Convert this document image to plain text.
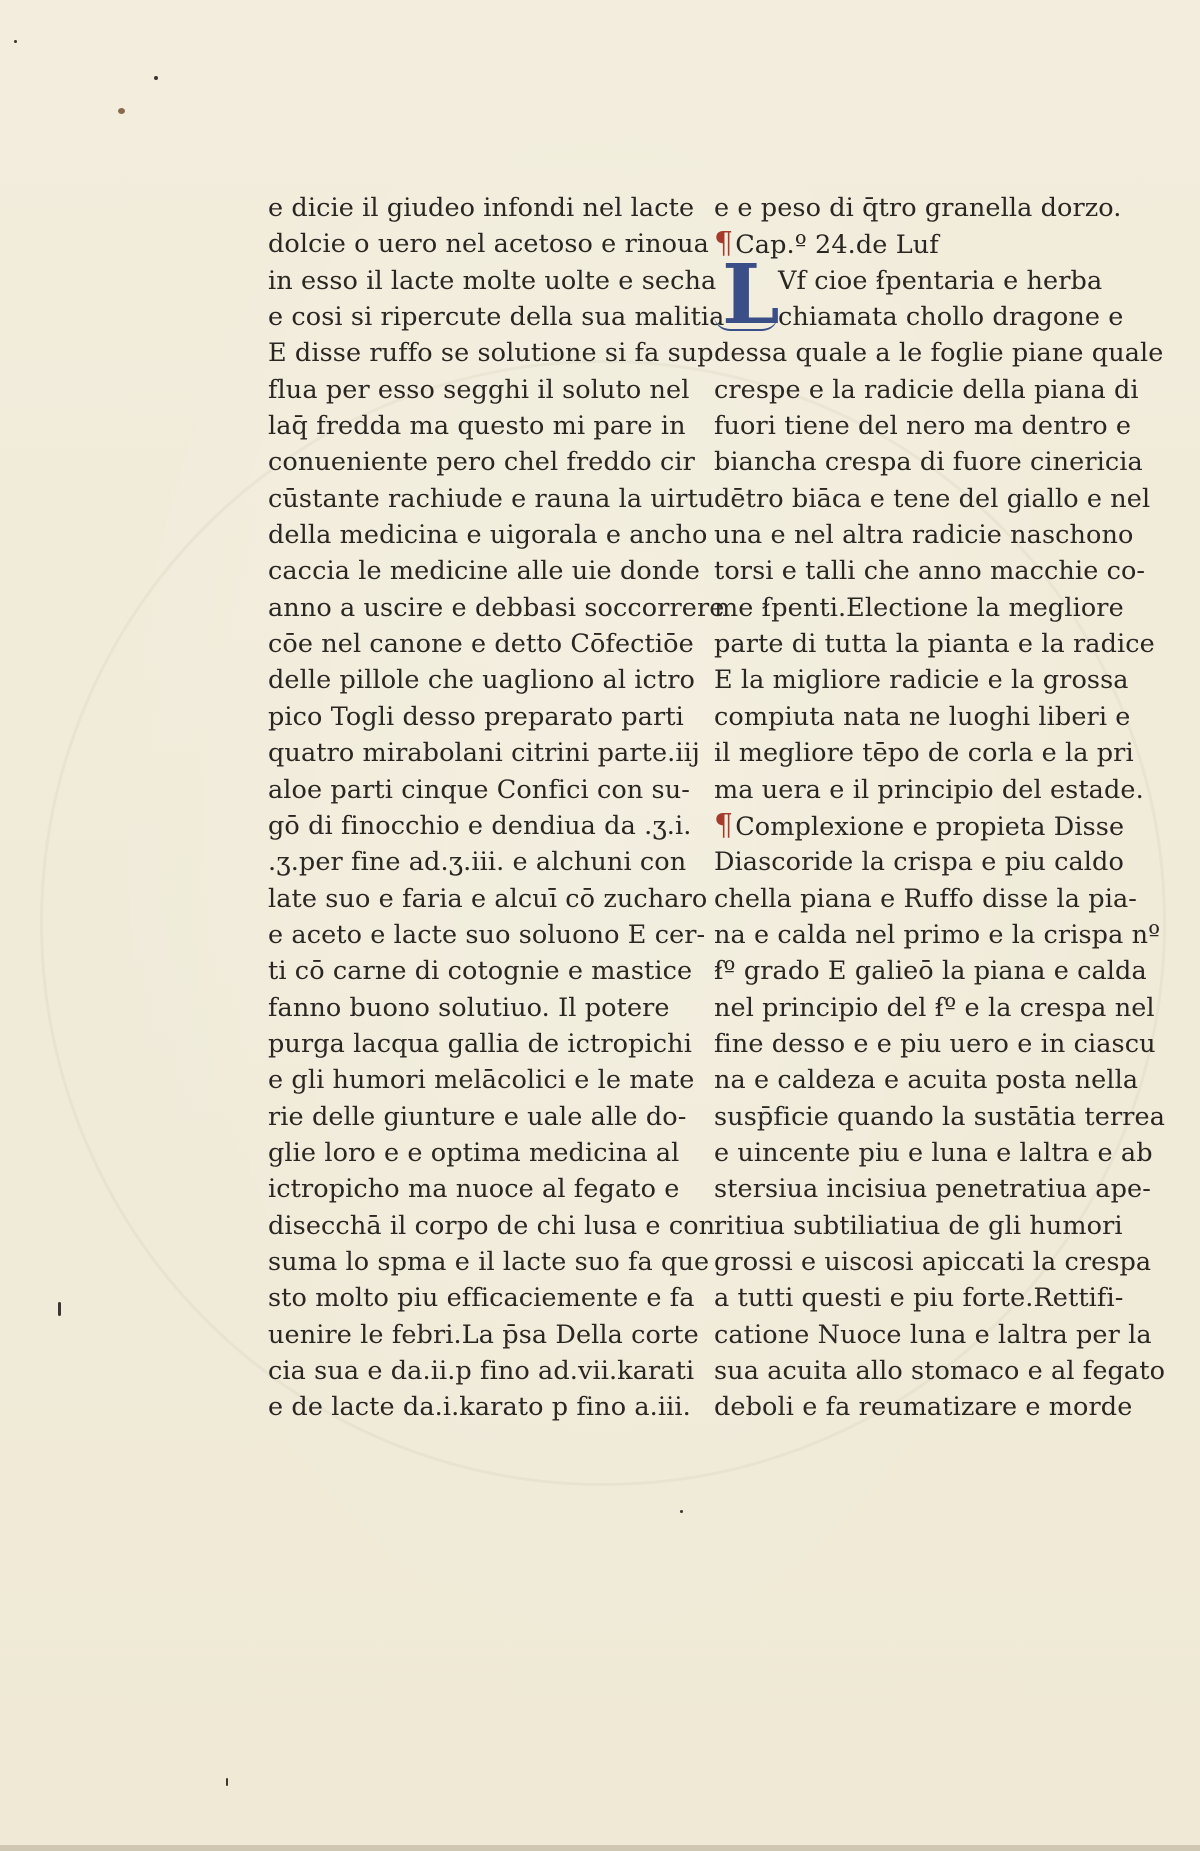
e dicie il giudeo infondi nel lacte
dolcie o uero nel acetoso e rinoua
in esso il lacte molte uolte e secha
e cosi si ripercute della sua malitia
E disse ruffo se solutione si fa sup
flua per esso segghi il soluto nel
laq̄ fredda ma questo mi pare in
conueniente pero chel freddo cir
cūstante rachiude e rauna la uirtu
della medicina e uigorala e ancho
caccia le medicine alle uie donde
anno a uscire e debbasi soccorrere
cōe nel canone e detto Cōfectiōe
delle pillole che uagliono al ictro
pico Togli desso preparato parti
quatro mirabolani citrini parte.iij
aloe parti cinque Confici con su-
gō di finocchio e dendiua da .ʒ.i.
.ʒ.per fine ad.ʒ.iii. e alchuni con
late suo e faria e alcuī cō zucharo
e aceto e lacte suo soluono E cer-
ti cō carne di cotognie e mastice
fanno buono solutiuo. Il potere
purga lacqua gallia de ictropichi
e gli humori melācolici e le mate
rie delle giunture e uale alle do-
glie loro e e optima medicina al
ictropicho ma nuoce al fegato e
disecchā il corpo de chi lusa e con
suma lo spma e il lacte suo fa que
sto molto piu efficaciemente e fa
uenire le febri.La p̄sa Della corte
cia sua e da.ii.p fino ad.vii.karati
e de lacte da.i.karato p fino a.iii.
e e peso di q̄tro granella dorzo.
¶Cap.º 24.de Luf
L
Vf cioe ẜpentaria e herba
chiamata chollo dragone e
dessa quale a le foglie piane quale
crespe e la radicie della piana di
fuori tiene del nero ma dentro e
biancha crespa di fuore cinericia
dētro biāca e tene del giallo e nel
una e nel altra radicie naschono
torsi e talli che anno macchie co-
me ẜpenti.Electione la megliore
parte di tutta la pianta e la radice
E la migliore radicie e la grossa
compiuta nata ne luoghi liberi e
il megliore tēpo de corla e la pri
ma uera e il principio del estade.
¶Complexione e propieta Disse
Diascoride la crispa e piu caldo
chella piana e Ruffo disse la pia-
na e calda nel primo e la crispa nº
ẜº grado E galieō la piana e calda
nel principio del ẜº e la crespa nel
fine desso e e piu uero e in ciascu
na e caldeza e acuita posta nella
susp̄ficie quando la sustātia terrea
e uincente piu e luna e laltra e ab
stersiua incisiua penetratiua ape-
ritiua subtiliatiua de gli humori
grossi e uiscosi apiccati la crespa
a tutti questi e piu forte.Rettifi-
catione Nuoce luna e laltra per la
sua acuita allo stomaco e al fegato
deboli e fa reumatizare e morde
